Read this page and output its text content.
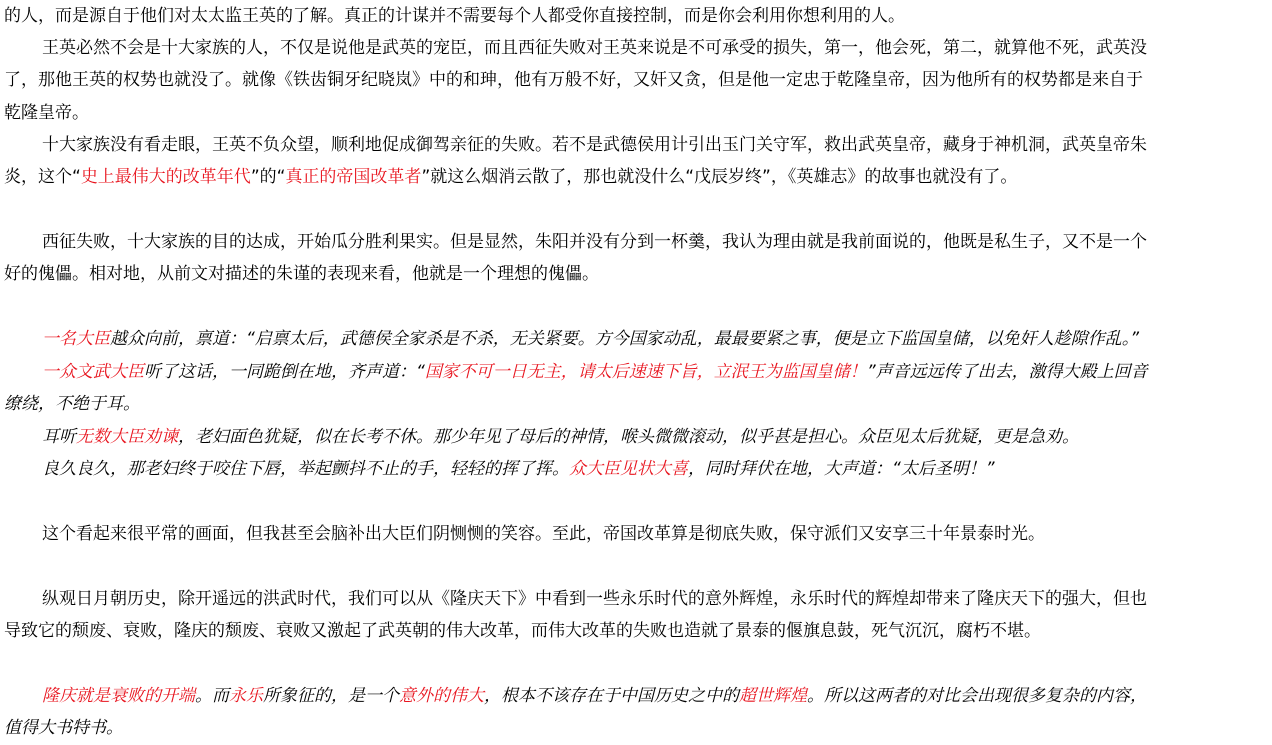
的人，而是源自于他们对太太监王英的了解。真正的计谋并不需要每个人都受你直接控制，而是你会利用你想利用的人。
王英必然不会是十大家族的人，不仅是说他是武英的宠臣，而且西征失败对王英来说是不可承受的损失，第一，他会死，第二，就算他不死，武英没
了，那他王英的权势也就没了。就像《铁齿铜牙纪晓岚》中的和珅，他有万般不好，又奸又贪，但是他一定忠于乾隆皇帝，因为他所有的权势都是来自于
乾隆皇帝。
十大家族没有看走眼，王英不负众望，顺利地促成御驾亲征的失败。若不是武德侯用计引出玉门关守军，救出武英皇帝，藏身于神机洞，武英皇帝朱
炎，这个“史上最伟大的改革年代”的“真正的帝国改革者”就这么烟消云散了，那也就没什么“戊辰岁终”，《英雄志》的故事也就没有了。
西征失败，十大家族的目的达成，开始瓜分胜利果实。但是显然，朱阳并没有分到一杯羹，我认为理由就是我前面说的，他既是私生子，又不是一个
好的傀儡。相对地，从前文对描述的朱谨的表现来看，他就是一个理想的傀儡。
一名大臣越众向前，禀道：“启禀太后，武德侯全家杀是不杀，无关紧要。方今国家动乱，最最要紧之事，便是立下监国皇储，以免奸人趁隙作乱。”
一众文武大臣听了这话，一同跪倒在地，齐声道：“国家不可一日无主，请太后速速下旨，立泯王为监国皇储！”声音远远传了出去，激得大殿上回音
缭绕，不绝于耳。
耳听无数大臣劝谏，老妇面色犹疑，似在长考不休。那少年见了母后的神情，喉头微微滚动，似乎甚是担心。众臣见太后犹疑，更是急劝。
良久良久，那老妇终于咬住下唇，举起颤抖不止的手，轻轻的挥了挥。众大臣见状大喜，同时拜伏在地，大声道：“太后圣明！”
这个看起来很平常的画面，但我甚至会脑补出大臣们阴恻恻的笑容。至此，帝国改革算是彻底失败，保守派们又安享三十年景泰时光。
纵观日月朝历史，除开遥远的洪武时代，我们可以从《隆庆天下》中看到一些永乐时代的意外辉煌，永乐时代的辉煌却带来了隆庆天下的强大，但也
导致它的颓废、衰败，隆庆的颓废、衰败又激起了武英朝的伟大改革，而伟大改革的失败也造就了景泰的偃旗息鼓，死气沉沉，腐朽不堪。
隆庆就是衰败的开端。而永乐所象征的，是一个意外的伟大，根本不该存在于中国历史之中的超世辉煌。所以这两者的对比会出现很多复杂的内容，
值得大书特书。
